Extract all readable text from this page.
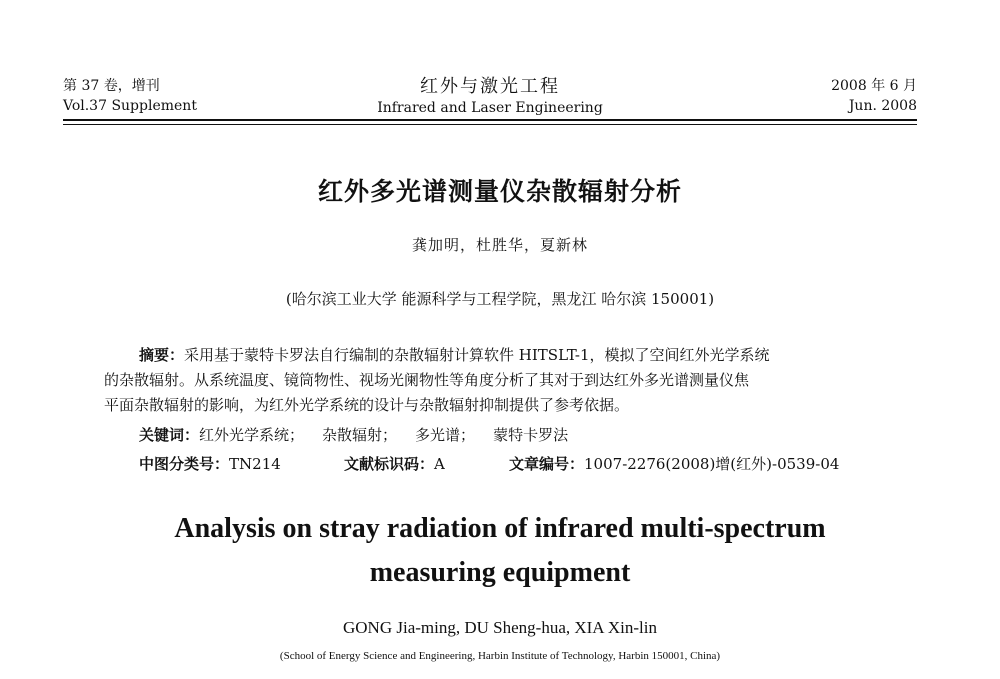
第 37 卷，增刊
Vol.37 Supplement
红外与激光工程
Infrared and Laser Engineering
2008 年 6 月
Jun. 2008
红外多光谱测量仪杂散辐射分析
龚加明，杜胜华，夏新林
(哈尔滨工业大学 能源科学与工程学院，黑龙江 哈尔滨 150001)
摘要：采用基于蒙特卡罗法自行编制的杂散辐射计算软件 HITSLT-1，模拟了空间红外光学系统
的杂散辐射。从系统温度、镜筒物性、视场光阑物性等角度分析了其对于到达红外多光谱测量仪焦
平面杂散辐射的影响，为红外光学系统的设计与杂散辐射抑制提供了参考依据。
关键词：红外光学系统； 杂散辐射； 多光谱； 蒙特卡罗法
中图分类号：TN214	文献标识码：A	文章编号：1007-2276(2008)增(红外)-0539-04
Analysis on stray radiation of infrared multi-spectrum
measuring equipment
GONG Jia-ming, DU Sheng-hua, XIA Xin-lin
(School of Energy Science and Engineering, Harbin Institute of Technology, Harbin 150001, China)
